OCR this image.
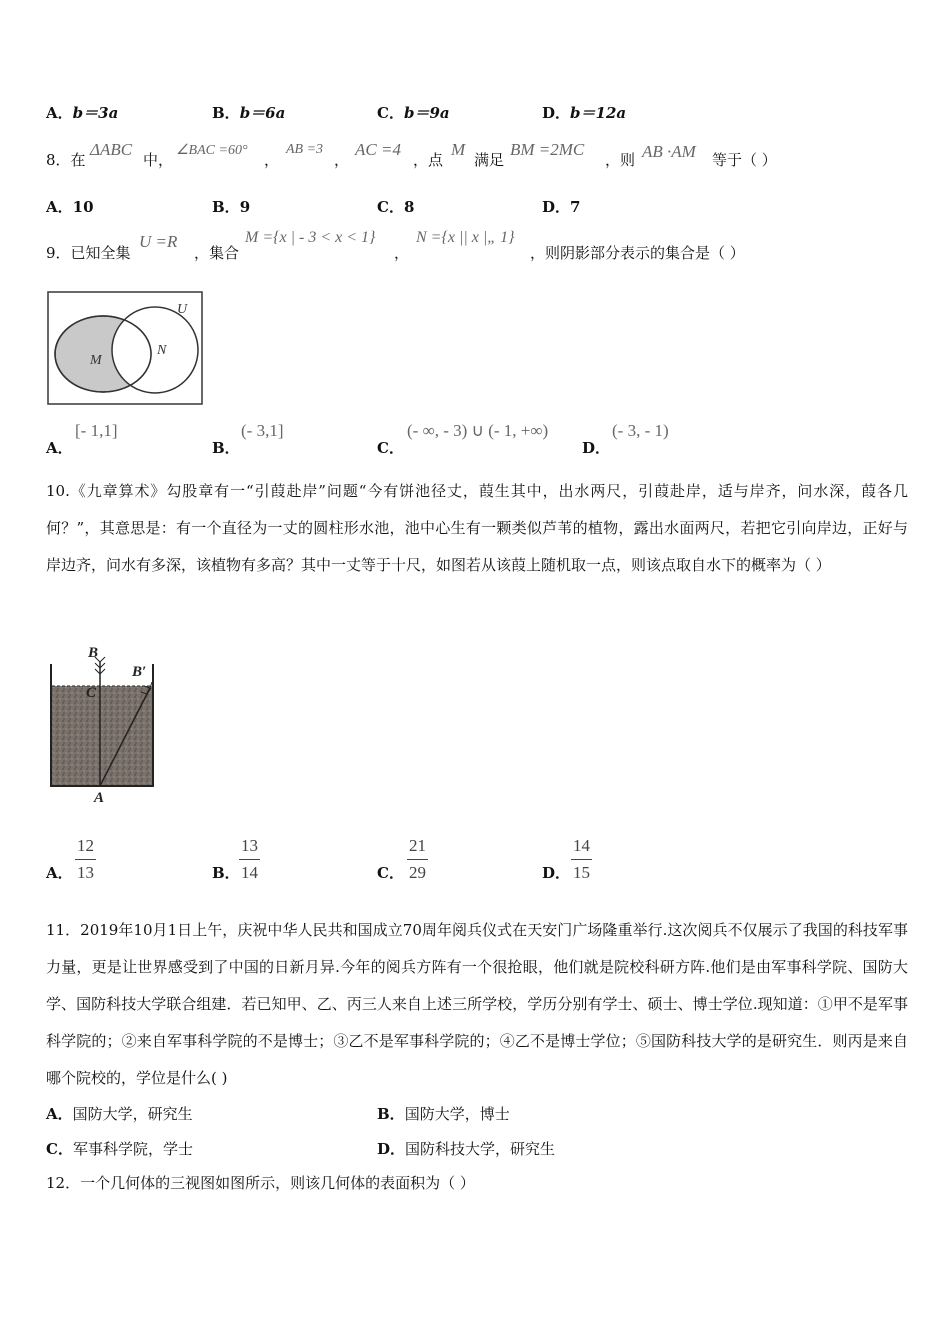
A．b＝3a	B．b＝6a	C．b＝9a	D．b＝12a
8．在
ΔABC
中，
∠BAC =60°
，
AB =3
，
AC =4
，点
M
满足
BM =2MC
，则 AB ·AM 等于（ ）
A．10	B．9	C．8	D．7
9．已知全集
U =R
，集合
M ={x | - 3 < x < 1}
，
N ={x || x |„ 1}
，则阴影部分表示的集合是（ ）
U
M
N
A．
[- 1,1]
B．
(- 3,1]
C．
(- ∞, - 3) ∪ (- 1, +∞)
D．
(- 3, - 1)
10.《九章算术》勾股章有一“引葭赴岸”问题“今有饼池径丈，葭生其中，出水两尺，引葭赴岸，适与岸齐，问水深，葭各几何？”，其意思是：有一个直径为一丈的圆柱形水池，池中心生有一颗类似芦苇的植物，露出水面两尺，若把它引向岸边，正好与岸边齐，问水有多深，该植物有多高？其中一丈等于十尺，如图若从该葭上随机取一点，则该点取自水下的概率为（ ）
B
B′
C
A
A． $\frac{12}{13}$	B． $\frac{13}{14}$	C． $\frac{21}{29}$	D． $\frac{14}{15}$
11．2019年10月1日上午，庆祝中华人民共和国成立70周年阅兵仪式在天安门广场隆重举行.这次阅兵不仅展示了我国的科技军事力量，更是让世界感受到了中国的日新月异.今年的阅兵方阵有一个很抢眼，他们就是院校科研方阵.他们是由军事科学院、国防大学、国防科技大学联合组建．若已知甲、乙、丙三人来自上述三所学校，学历分别有学士、硕士、博士学位.现知道：①甲不是军事科学院的；②来自军事科学院的不是博士；③乙不是军事科学院的；④乙不是博士学位；⑤国防科技大学的是研究生．则丙是来自哪个院校的，学位是什么( )
A．国防大学，研究生	B．国防大学，博士
C．军事科学院，学士	D．国防科技大学，研究生
12．一个几何体的三视图如图所示，则该几何体的表面积为（ ）
